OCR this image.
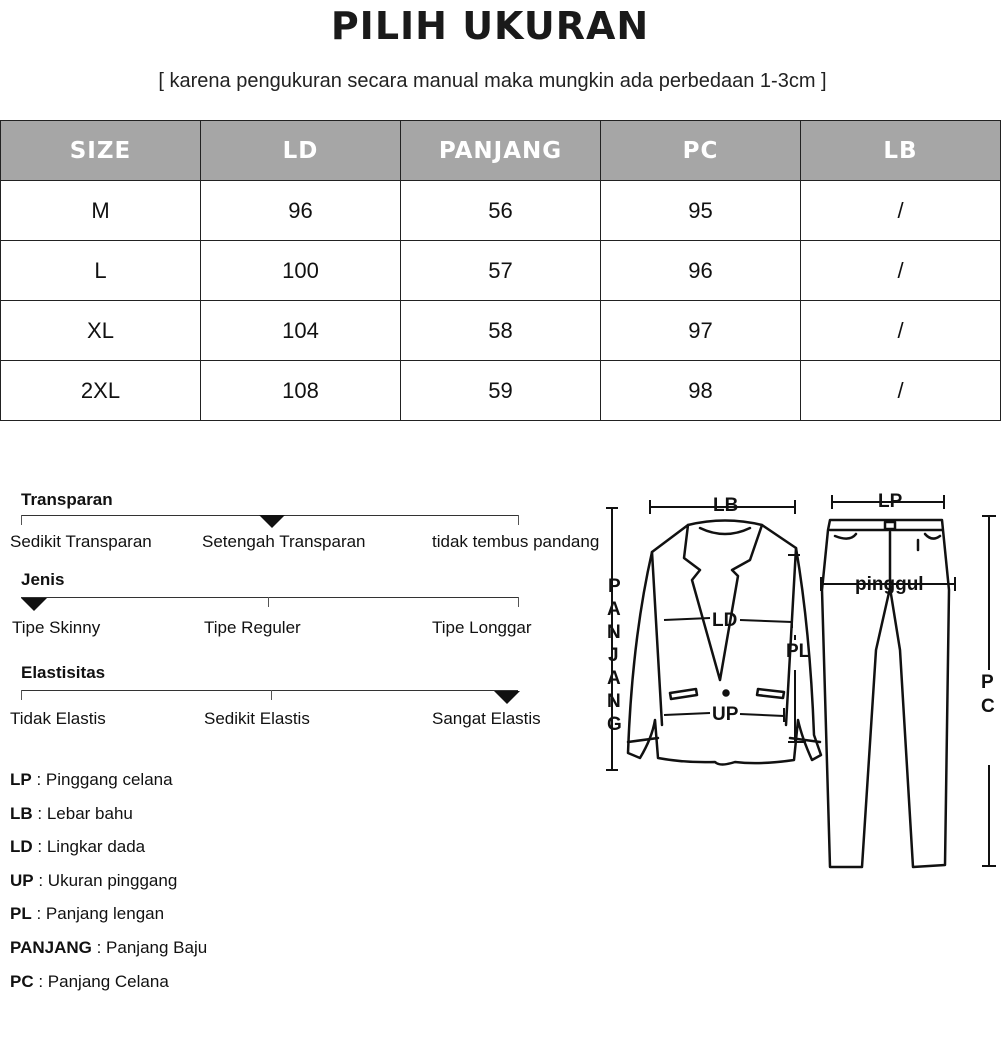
PILIH UKURAN
[ karena pengukuran secara manual maka mungkin ada perbedaan 1-3cm ]
SIZE	LD	PANJANG	PC	LB
M	96	56	95	/
L	100	57	96	/
XL	104	58	97	/
2XL	108	59	98	/
Transparan
Sedikit Transparan	Setengah Transparan	tidak tembus pandang
Jenis
Tipe Skinny	Tipe Reguler	Tipe Longgar
Elastisitas
Tidak Elastis	Sedikit Elastis	Sangat Elastis
LP : Pinggang celana
LB : Lebar bahu
LD : Lingkar dada
UP : Ukuran pinggang
PL : Panjang lengan
PANJANG : Panjang Baju
PC : Panjang Celana
LB	LP
pinggul
LD
UP
PL
P
A
N
J
A
N
G
P
C
